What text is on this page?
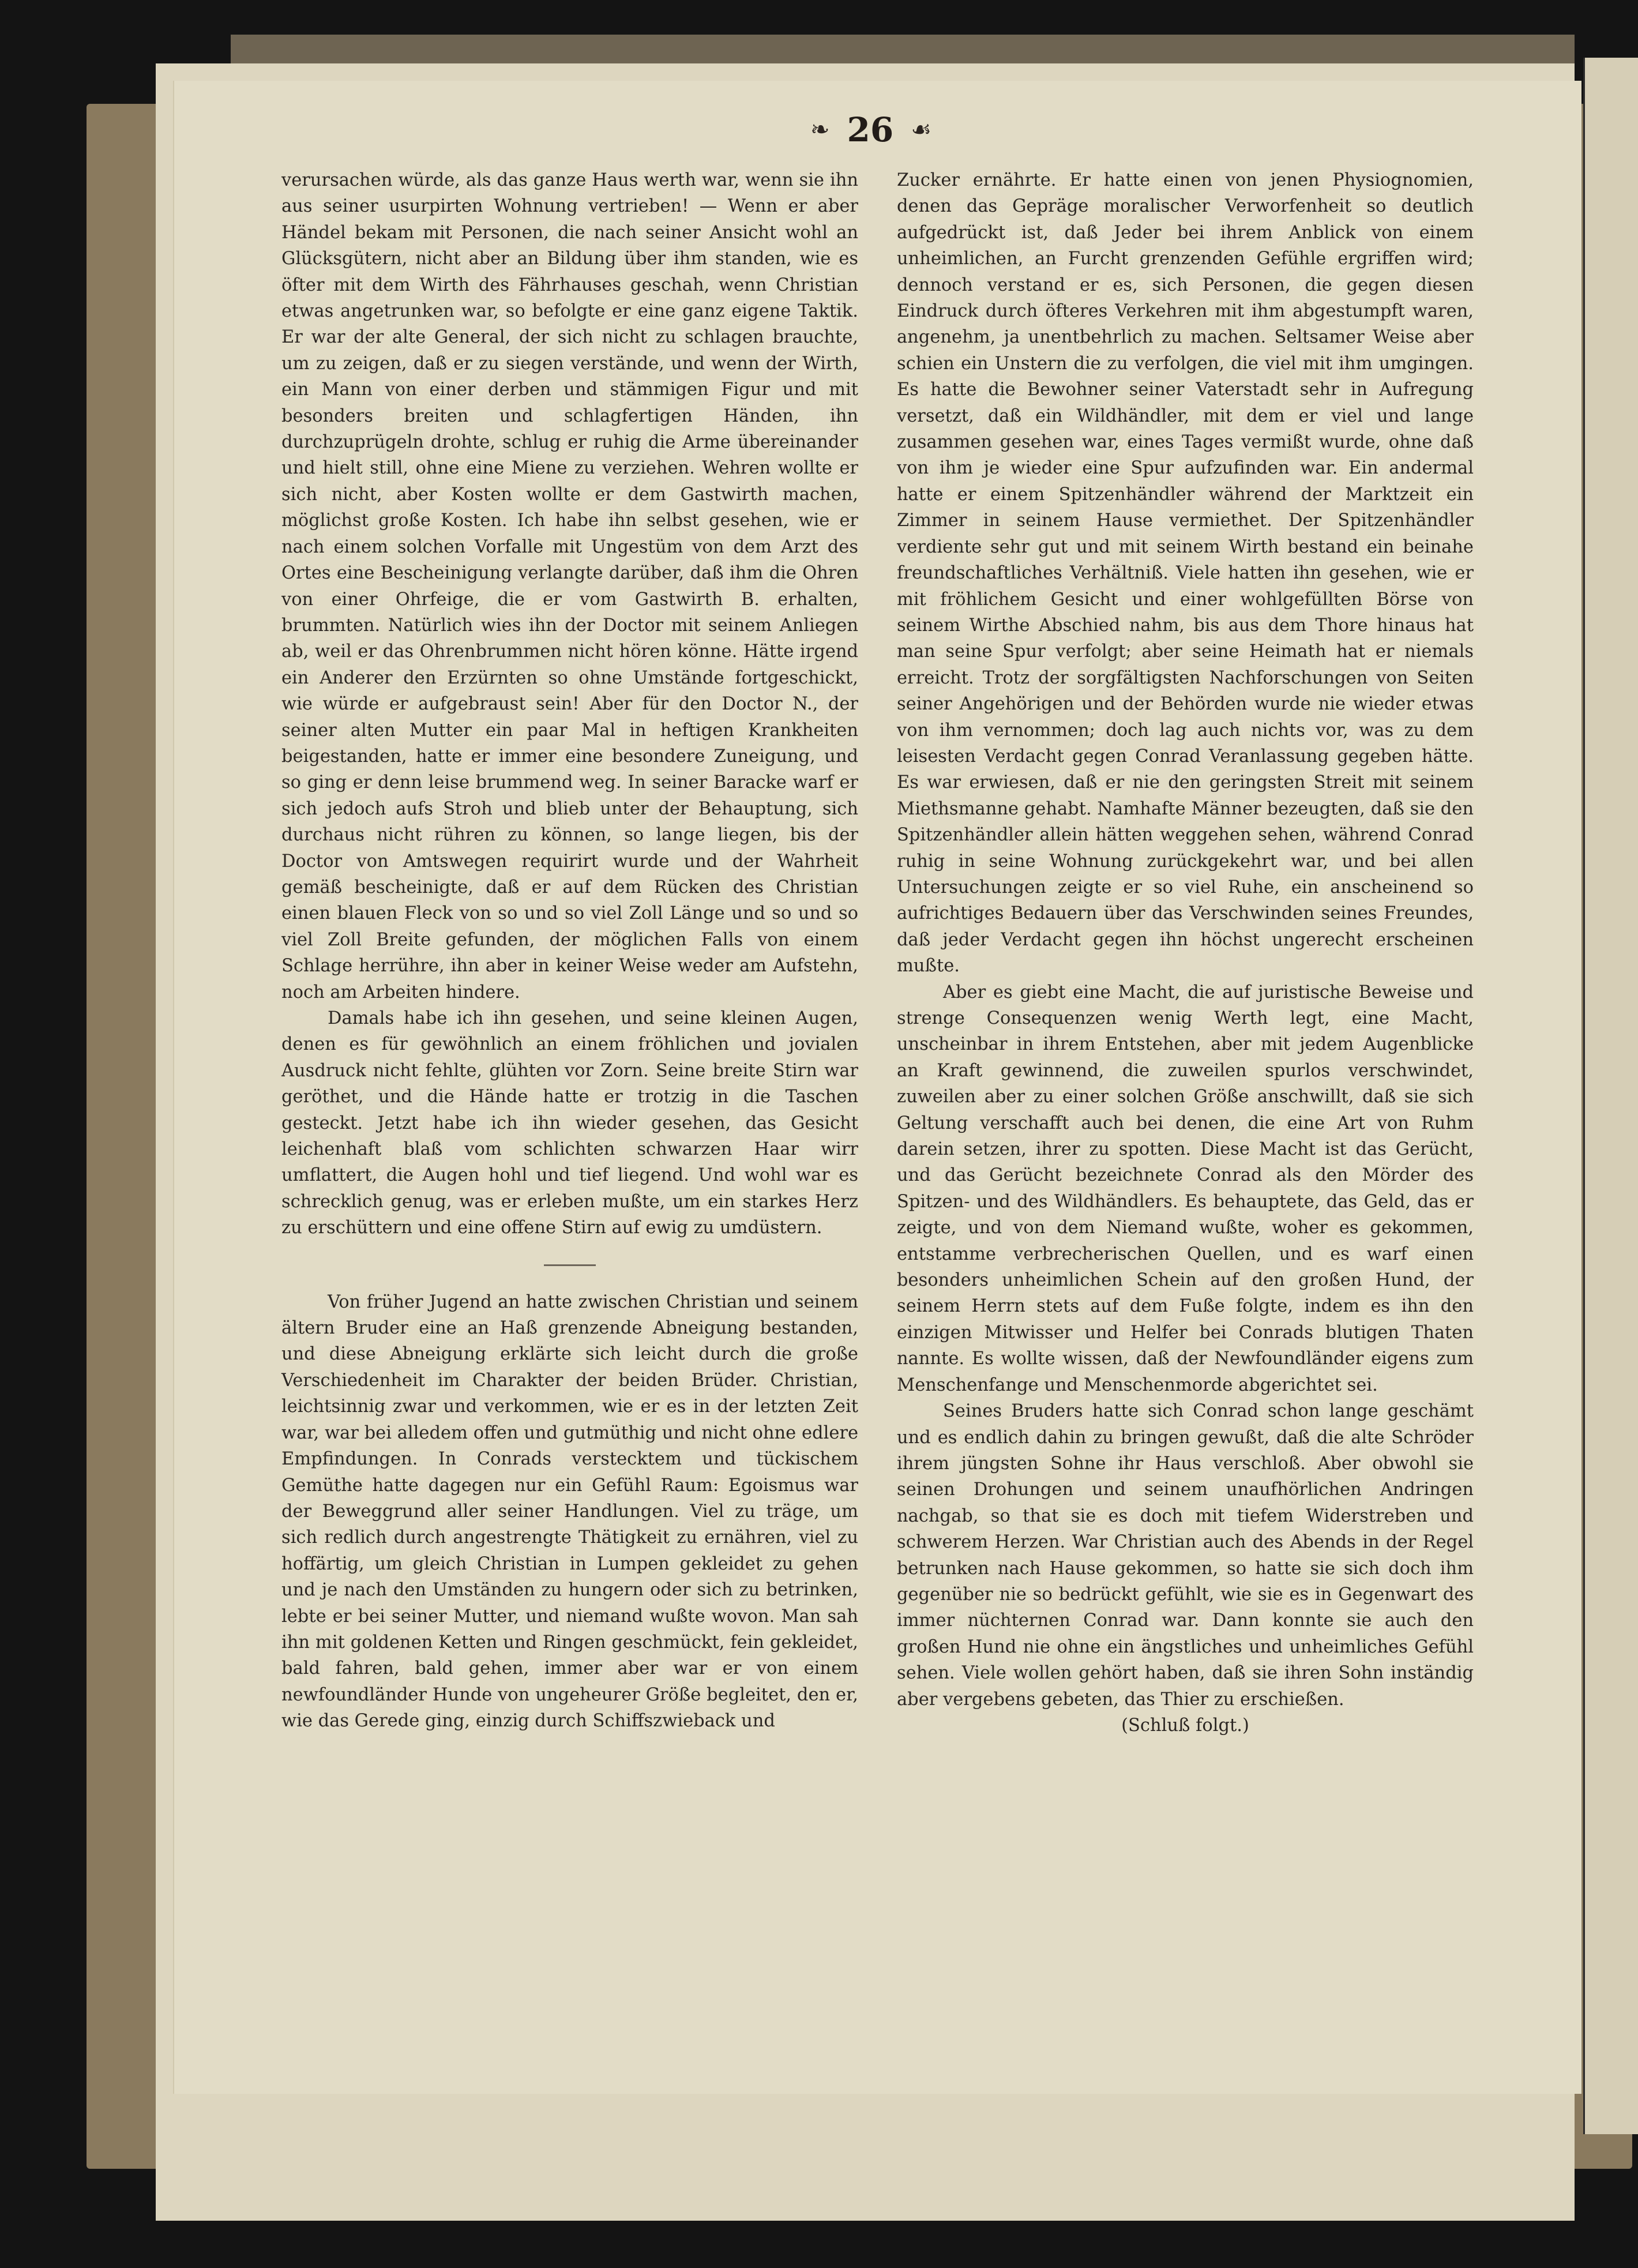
❧ 26 ☙

verursachen würde, als das ganze Haus werth war, wenn sie ihn aus seiner usurpirten Wohnung vertrieben! — Wenn er aber Händel bekam mit Personen, die nach seiner Ansicht wohl an Glücksgütern, nicht aber an Bildung über ihm standen, wie es öfter mit dem Wirth des Fährhauses geschah, wenn Christian etwas angetrunken war, so befolgte er eine ganz eigene Taktik. Er war der alte General, der sich nicht zu schlagen brauchte, um zu zeigen, daß er zu siegen verstände, und wenn der Wirth, ein Mann von einer derben und stämmigen Figur und mit besonders breiten und schlagfertigen Händen, ihn durchzuprügeln drohte, schlug er ruhig die Arme übereinander und hielt still, ohne eine Miene zu verziehen. Wehren wollte er sich nicht, aber Kosten wollte er dem Gastwirth machen, möglichst große Kosten. Ich habe ihn selbst gesehen, wie er nach einem solchen Vorfalle mit Ungestüm von dem Arzt des Ortes eine Bescheinigung verlangte darüber, daß ihm die Ohren von einer Ohrfeige, die er vom Gastwirth B. erhalten, brummten. Natürlich wies ihn der Doctor mit seinem Anliegen ab, weil er das Ohrenbrummen nicht hören könne. Hätte irgend ein Anderer den Erzürnten so ohne Umstände fortgeschickt, wie würde er aufgebraust sein! Aber für den Doctor N., der seiner alten Mutter ein paar Mal in heftigen Krankheiten beigestanden, hatte er immer eine besondere Zuneigung, und so ging er denn leise brummend weg. In seiner Baracke warf er sich jedoch aufs Stroh und blieb unter der Behauptung, sich durchaus nicht rühren zu können, so lange liegen, bis der Doctor von Amtswegen requirirt wurde und der Wahrheit gemäß bescheinigte, daß er auf dem Rücken des Christian einen blauen Fleck von so und so viel Zoll Länge und so und so viel Zoll Breite gefunden, der möglichen Falls von einem Schlage herrühre, ihn aber in keiner Weise weder am Aufstehn, noch am Arbeiten hindere.

Damals habe ich ihn gesehen, und seine kleinen Augen, denen es für gewöhnlich an einem fröhlichen und jovialen Ausdruck nicht fehlte, glühten vor Zorn. Seine breite Stirn war geröthet, und die Hände hatte er trotzig in die Taschen gesteckt. Jetzt habe ich ihn wieder gesehen, das Gesicht leichenhaft blaß vom schlichten schwarzen Haar wirr umflattert, die Augen hohl und tief liegend. Und wohl war es schrecklich genug, was er erleben mußte, um ein starkes Herz zu erschüttern und eine offene Stirn auf ewig zu umdüstern.

Von früher Jugend an hatte zwischen Christian und seinem ältern Bruder eine an Haß grenzende Abneigung bestanden, und diese Abneigung erklärte sich leicht durch die große Verschiedenheit im Charakter der beiden Brüder. Christian, leichtsinnig zwar und verkommen, wie er es in der letzten Zeit war, war bei alledem offen und gutmüthig und nicht ohne edlere Empfindungen. In Conrads verstecktem und tückischem Gemüthe hatte dagegen nur ein Gefühl Raum: Egoismus war der Beweggrund aller seiner Handlungen. Viel zu träge, um sich redlich durch angestrengte Thätigkeit zu ernähren, viel zu hoffärtig, um gleich Christian in Lumpen gekleidet zu gehen und je nach den Umständen zu hungern oder sich zu betrinken, lebte er bei seiner Mutter, und niemand wußte wovon. Man sah ihn mit goldenen Ketten und Ringen geschmückt, fein gekleidet, bald fahren, bald gehen, immer aber war er von einem newfoundländer Hunde von ungeheurer Größe begleitet, den er, wie das Gerede ging, einzig durch Schiffszwieback und

Zucker ernährte. Er hatte einen von jenen Physiognomien, denen das Gepräge moralischer Verworfenheit so deutlich aufgedrückt ist, daß Jeder bei ihrem Anblick von einem unheimlichen, an Furcht grenzenden Gefühle ergriffen wird; dennoch verstand er es, sich Personen, die gegen diesen Eindruck durch öfteres Verkehren mit ihm abgestumpft waren, angenehm, ja unentbehrlich zu machen. Seltsamer Weise aber schien ein Unstern die zu verfolgen, die viel mit ihm umgingen. Es hatte die Bewohner seiner Vaterstadt sehr in Aufregung versetzt, daß ein Wildhändler, mit dem er viel und lange zusammen gesehen war, eines Tages vermißt wurde, ohne daß von ihm je wieder eine Spur aufzufinden war. Ein andermal hatte er einem Spitzenhändler während der Marktzeit ein Zimmer in seinem Hause vermiethet. Der Spitzenhändler verdiente sehr gut und mit seinem Wirth bestand ein beinahe freundschaftliches Verhältniß. Viele hatten ihn gesehen, wie er mit fröhlichem Gesicht und einer wohlgefüllten Börse von seinem Wirthe Abschied nahm, bis aus dem Thore hinaus hat man seine Spur verfolgt; aber seine Heimath hat er niemals erreicht. Trotz der sorgfältigsten Nachforschungen von Seiten seiner Angehörigen und der Behörden wurde nie wieder etwas von ihm vernommen; doch lag auch nichts vor, was zu dem leisesten Verdacht gegen Conrad Veranlassung gegeben hätte. Es war erwiesen, daß er nie den geringsten Streit mit seinem Miethsmanne gehabt. Namhafte Männer bezeugten, daß sie den Spitzenhändler allein hätten weggehen sehen, während Conrad ruhig in seine Wohnung zurückgekehrt war, und bei allen Untersuchungen zeigte er so viel Ruhe, ein anscheinend so aufrichtiges Bedauern über das Verschwinden seines Freundes, daß jeder Verdacht gegen ihn höchst ungerecht erscheinen mußte.

Aber es giebt eine Macht, die auf juristische Beweise und strenge Consequenzen wenig Werth legt, eine Macht, unscheinbar in ihrem Entstehen, aber mit jedem Augenblicke an Kraft gewinnend, die zuweilen spurlos verschwindet, zuweilen aber zu einer solchen Größe anschwillt, daß sie sich Geltung verschafft auch bei denen, die eine Art von Ruhm darein setzen, ihrer zu spotten. Diese Macht ist das Gerücht, und das Gerücht bezeichnete Conrad als den Mörder des Spitzen- und des Wildhändlers. Es behauptete, das Geld, das er zeigte, und von dem Niemand wußte, woher es gekommen, entstamme verbrecherischen Quellen, und es warf einen besonders unheimlichen Schein auf den großen Hund, der seinem Herrn stets auf dem Fuße folgte, indem es ihn den einzigen Mitwisser und Helfer bei Conrads blutigen Thaten nannte. Es wollte wissen, daß der Newfoundländer eigens zum Menschenfange und Menschenmorde abgerichtet sei.

Seines Bruders hatte sich Conrad schon lange geschämt und es endlich dahin zu bringen gewußt, daß die alte Schröder ihrem jüngsten Sohne ihr Haus verschloß. Aber obwohl sie seinen Drohungen und seinem unaufhörlichen Andringen nachgab, so that sie es doch mit tiefem Widerstreben und schwerem Herzen. War Christian auch des Abends in der Regel betrunken nach Hause gekommen, so hatte sie sich doch ihm gegenüber nie so bedrückt gefühlt, wie sie es in Gegenwart des immer nüchternen Conrad war. Dann konnte sie auch den großen Hund nie ohne ein ängstliches und unheimliches Gefühl sehen. Viele wollen gehört haben, daß sie ihren Sohn inständig aber vergebens gebeten, das Thier zu erschießen.

(Schluß folgt.)
